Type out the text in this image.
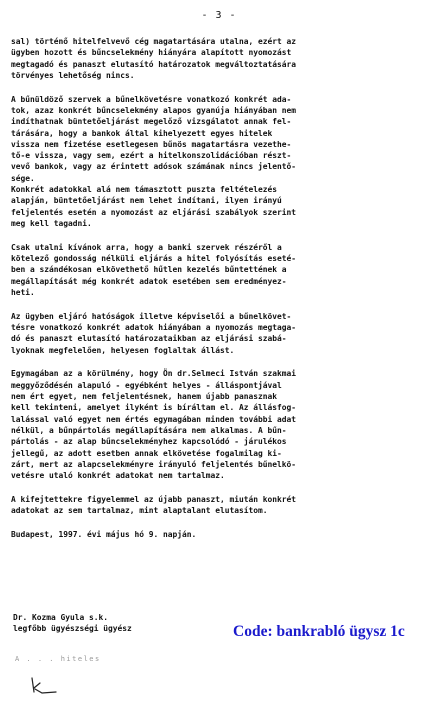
- 3 -
sal) történő hitelfelvevő cég magatartására utalna, ezért az
ügyben hozott és bűncselekmény hiányára alapított nyomozást
megtagadó és panaszt elutasító határozatok megváltoztatására
törvényes lehetőség nincs.
A bűnüldöző szervek a bűnelkövetésre vonatkozó konkrét ada-
tok, azaz konkrét bűncselekmény alapos gyanúja hiányában nem
indíthatnak büntetőeljárást megelőző vizsgálatot annak fel-
tárására, hogy a bankok által kihelyezett egyes hitelek
vissza nem fizetése esetlegesen bűnös magatartásra vezethe-
tő-e vissza, vagy sem, ezért a hitelkonszolidációban részt-
vevő bankok, vagy az érintett adósok számának nincs jelentő-
sége.
Konkrét adatokkal alá nem támasztott puszta feltételezés
alapján, büntetőeljárást nem lehet indítani, ilyen irányú
feljelentés esetén a nyomozást az eljárási szabályok szerint
meg kell tagadni.
Csak utalni kívánok arra, hogy a banki szervek részéről a
kötelező gondosság nélküli eljárás a hitel folyósítás eseté-
ben a szándékosan elkövethető hűtlen kezelés bűntettének a
megállapítását még konkrét adatok esetében sem eredményez-
heti.
Az ügyben eljáró hatóságok illetve képviselői a bűnelkövet-
tésre vonatkozó konkrét adatok hiányában a nyomozás megtaga-
dó és panaszt elutasító határozataikban az eljárási szabá-
lyoknak megfelelően, helyesen foglaltak állást.
Egymagában az a körülmény, hogy Ön dr.Selmeci István szakmai
meggyőződésén alapuló - egyébként helyes - álláspontjával
nem ért egyet, nem feljelentésnek, hanem újabb panasznak
kell tekinteni, amelyet ilyként is bíráltam el. Az állásfog-
lalással való egyet nem értés egymagában minden további adat
nélkül, a bűnpártolás megállapítására nem alkalmas. A bűn-
pártolás - az alap bűncselekményhez kapcsolódó - járulékos
jellegű, az adott esetben annak elkövetése fogalmilag ki-
zárt, mert az alapcselekményre irányuló feljelentés bűnelkö-
vetésre utaló konkrét adatokat nem tartalmaz.
A kifejtettekre figyelemmel az újabb panaszt, miután konkrét
adatokat az sem tartalmaz, mint alaptalant elutasítom.
Budapest, 1997. évi május hó 9. napján.
Dr. Kozma Gyula s.k.
legfőbb ügyészségi ügyész
A . . . hiteles
Code: bankrabló ügysz 1c
